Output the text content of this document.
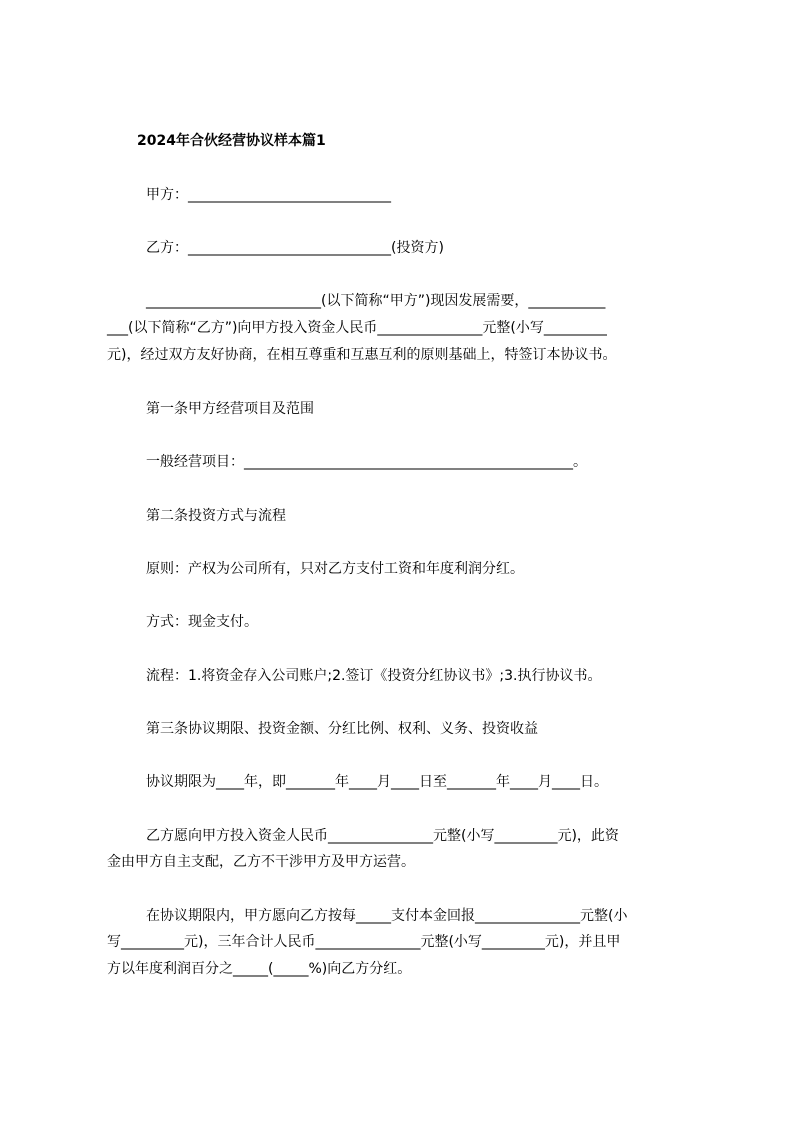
2024年合伙经营协议样本篇1
甲方：_____________________________
乙方：_____________________________(投资方)
_________________________(以下简称“甲方”)现因发展需要，___________
___(以下简称“乙方”)向甲方投入资金人民币_______________元整(小写_________
元)，经过双方友好协商，在相互尊重和互惠互利的原则基础上，特签订本协议书。
第一条甲方经营项目及范围
一般经营项目：_______________________________________________。
第二条投资方式与流程
原则：产权为公司所有，只对乙方支付工资和年度利润分红。
方式：现金支付。
流程：1.将资金存入公司账户;2.签订《投资分红协议书》;3.执行协议书。
第三条协议期限、投资金额、分红比例、权利、义务、投资收益
协议期限为____年，即_______年____月____日至_______年____月____日。
乙方愿向甲方投入资金人民币_______________元整(小写_________元)，此资
金由甲方自主支配，乙方不干涉甲方及甲方运营。
在协议期限内，甲方愿向乙方按每_____支付本金回报_______________元整(小
写_________元)，三年合计人民币_______________元整(小写_________元)，并且甲
方以年度利润百分之_____(_____%)向乙方分红。
